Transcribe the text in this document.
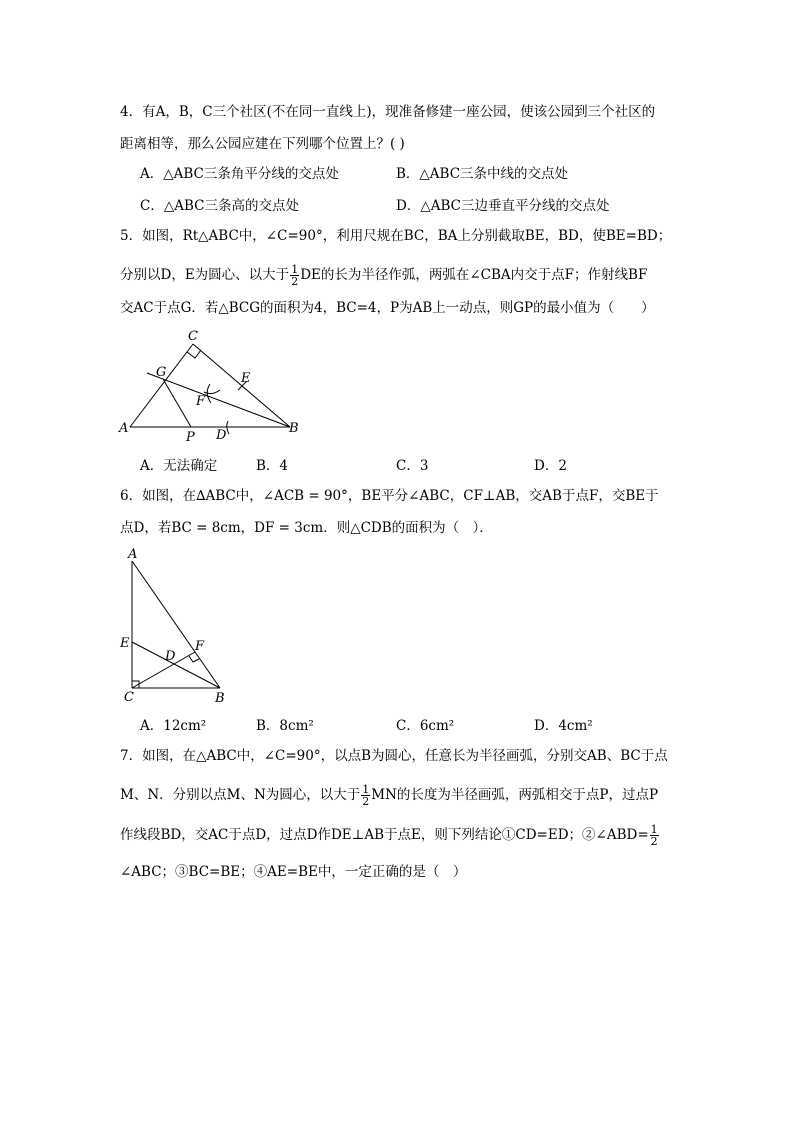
4．有A，B，C三个社区(不在同一直线上)，现准备修建一座公园，使该公园到三个社区的
距离相等，那么公园应建在下列哪个位置上？( )
A．△ABC三条角平分线的交点处	B．△ABC三条中线的交点处
C．△ABC三条高的交点处	D．△ABC三边垂直平分线的交点处
5．如图，Rt△ABC中，∠C=90°，利用尺规在BC，BA上分别截取BE，BD，使BE=BD；
分别以D，E为圆心、以大于 $\frac{1}{2}$ DE的长为半径作弧，两弧在∠CBA内交于点F；作射线BF
交AC于点G．若△BCG的面积为4，BC=4，P为AB上一动点，则GP的最小值为（　　）
C
G	E
F
A
P D	B
A．无法确定	B．4	C．3	D．2
6．如图，在∆ABC中，∠ACB = 90°，BE平分∠ABC，CF⊥AB，交AB于点F，交BE于
点D，若BC = 8cm，DF = 3cm．则△CDB的面积为（　）．
A
E	F
D
C	B
A．12cm²	B．8cm²	C．6cm²	D．4cm²
7．如图，在△ABC中，∠C=90°，以点B为圆心，任意长为半径画弧，分别交AB、BC于点
M、N．分别以点M、N为圆心，以大于 $\frac{1}{2}$ MN的长度为半径画弧，两弧相交于点P，过点P
作线段BD，交AC于点D，过点D作DE⊥AB于点E，则下列结论①CD=ED；②∠ABD= $\frac{1}{2}$
∠ABC；③BC=BE；④AE=BE中，一定正确的是（　）
